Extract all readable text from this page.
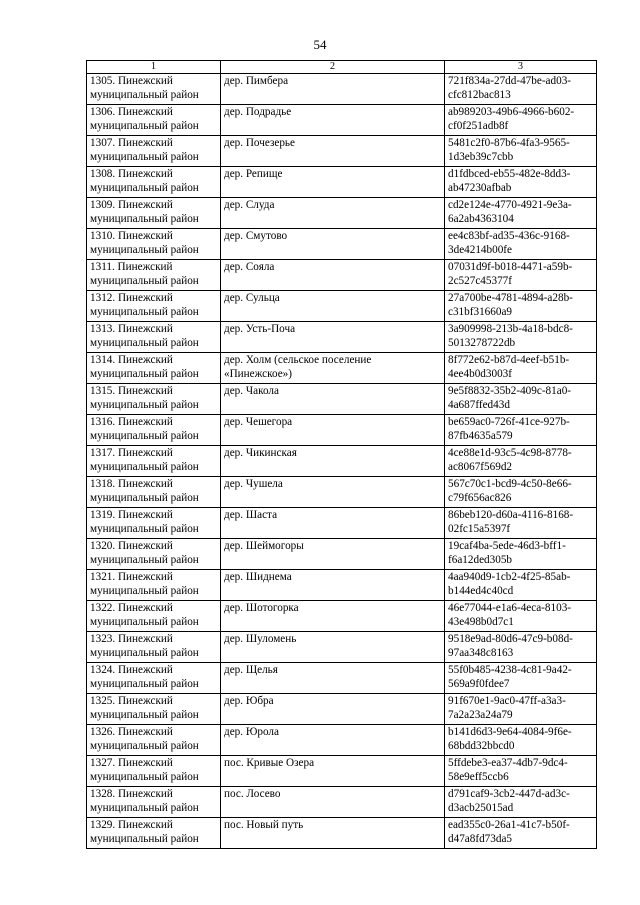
54
1	2	3

1305. Пинежский
муниципальный район	дер. Пимбера	721f834a-27dd-47be-ad03-
cfc812bac813

1306. Пинежский
муниципальный район	дер. Подрадье	ab989203-49b6-4966-b602-
cf0f251adb8f

1307. Пинежский
муниципальный район	дер. Почезерье	5481c2f0-87b6-4fa3-9565-
1d3eb39c7cbb

1308. Пинежский
муниципальный район	дер. Репище	d1fdbced-eb55-482e-8dd3-
ab47230afbab

1309. Пинежский
муниципальный район	дер. Слуда	cd2e124e-4770-4921-9e3a-
6a2ab4363104

1310. Пинежский
муниципальный район	дер. Смутово	ee4c83bf-ad35-436c-9168-
3de4214b00fe

1311. Пинежский
муниципальный район	дер. Сояла	07031d9f-b018-4471-a59b-
2c527c45377f

1312. Пинежский
муниципальный район	дер. Сульца	27a700be-4781-4894-a28b-
c31bf31660a9

1313. Пинежский
муниципальный район	дер. Усть-Поча	3a909998-213b-4a18-bdc8-
5013278722db

1314. Пинежский
муниципальный район	дер. Холм (сельское поселение
«Пинежское»)	8f772e62-b87d-4eef-b51b-
4ee4b0d3003f

1315. Пинежский
муниципальный район	дер. Чакола	9e5f8832-35b2-409c-81a0-
4a687ffed43d

1316. Пинежский
муниципальный район	дер. Чешегора	be659ac0-726f-41ce-927b-
87fb4635a579

1317. Пинежский
муниципальный район	дер. Чикинская	4ce88e1d-93c5-4c98-8778-
ac8067f569d2

1318. Пинежский
муниципальный район	дер. Чушела	567c70c1-bcd9-4c50-8e66-
c79f656ac826

1319. Пинежский
муниципальный район	дер. Шаста	86beb120-d60a-4116-8168-
02fc15a5397f

1320. Пинежский
муниципальный район	дер. Шеймогоры	19caf4ba-5ede-46d3-bff1-
f6a12ded305b

1321. Пинежский
муниципальный район	дер. Шиднема	4aa940d9-1cb2-4f25-85ab-
b144ed4c40cd

1322. Пинежский
муниципальный район	дер. Шотогорка	46e77044-e1a6-4eca-8103-
43e498b0d7c1

1323. Пинежский
муниципальный район	дер. Шуломень	9518e9ad-80d6-47c9-b08d-
97aa348c8163

1324. Пинежский
муниципальный район	дер. Щелья	55f0b485-4238-4c81-9a42-
569a9f0fdee7

1325. Пинежский
муниципальный район	дер. Юбра	91f670e1-9ac0-47ff-a3a3-
7a2a23a24a79

1326. Пинежский
муниципальный район	дер. Юрола	b141d6d3-9e64-4084-9f6e-
68bdd32bbcd0

1327. Пинежский
муниципальный район	пос. Кривые Озера	5ffdebe3-ea37-4db7-9dc4-
58e9eff5ccb6

1328. Пинежский
муниципальный район	пос. Лосево	d791caf9-3cb2-447d-ad3c-
d3acb25015ad

1329. Пинежский
муниципальный район	пос. Новый путь	ead355c0-26a1-41c7-b50f-
d47a8fd73da5
